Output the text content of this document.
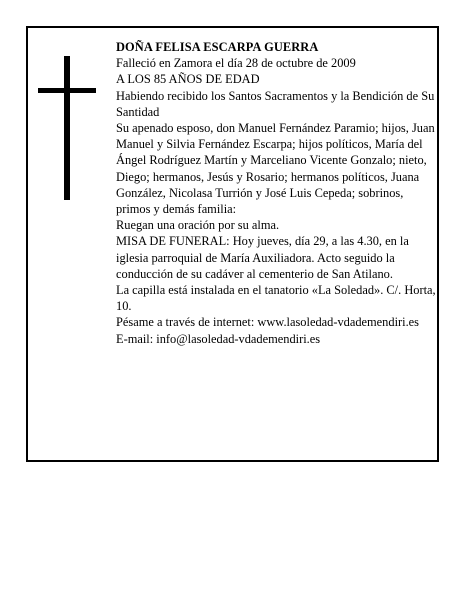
DOÑA FELISA ESCARPA GUERRA

Falleció en Zamora el día 28 de octubre de 2009

A LOS 85 AÑOS DE EDAD

Habiendo recibido los Santos Sacramentos y la Bendición de Su Santidad

Su apenado esposo, don Manuel Fernández Paramio; hijos, Juan Manuel y Silvia Fernández Escarpa; hijos políticos, María del Ángel Rodríguez Martín y Marceliano Vicente Gonzalo; nieto, Diego; hermanos, Jesús y Rosario; hermanos políticos, Juana González, Nicolasa Turrión y José Luis Cepeda; sobrinos, primos y demás familia:

Ruegan una oración por su alma.

MISA DE FUNERAL: Hoy jueves, día 29, a las 4.30, en la iglesia parroquial de María Auxiliadora. Acto seguido la conducción de su cadáver al cementerio de San Atilano.

La capilla está instalada en el tanatorio «La Soledad». C/. Horta, 10.

Pésame a través de internet: www.lasoledad-vdademendiri.es

E-mail: info@lasoledad-vdademendiri.es
